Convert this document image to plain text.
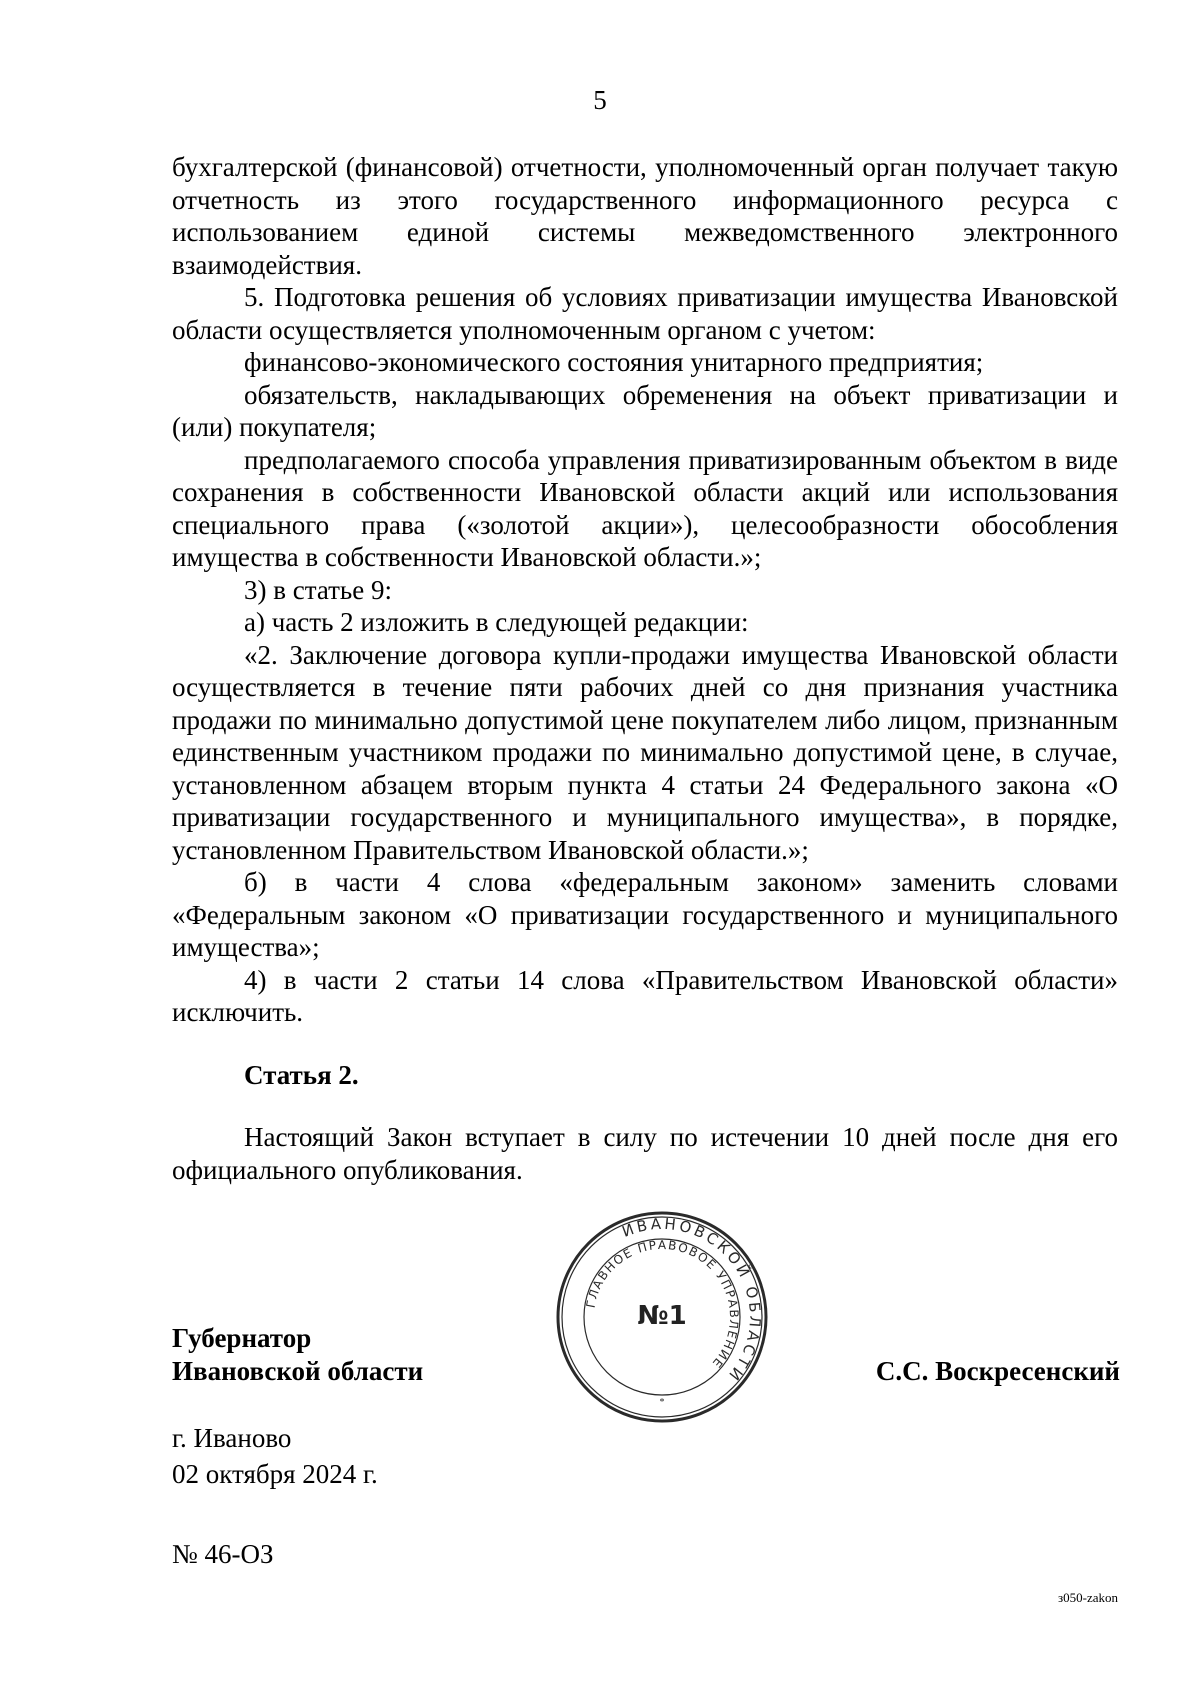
5

бухгалтерской (финансовой) отчетности, уполномоченный орган получает такую отчетность из этого государственного информационного ресурса с использованием единой системы межведомственного электронного взаимодействия.

5. Подготовка решения об условиях приватизации имущества Ивановской области осуществляется уполномоченным органом с учетом:

финансово-экономического состояния унитарного предприятия;

обязательств, накладывающих обременения на объект приватизации и (или) покупателя;

предполагаемого способа управления приватизированным объектом в виде сохранения в собственности Ивановской области акций или использования специального права («золотой акции»), целесообразности обособления имущества в собственности Ивановской области.»;

3) в статье 9:

а) часть 2 изложить в следующей редакции:

«2. Заключение договора купли-продажи имущества Ивановской области осуществляется в течение пяти рабочих дней со дня признания участника продажи по минимально допустимой цене покупателем либо лицом, признанным единственным участником продажи по минимально допустимой цене, в случае, установленном абзацем вторым пункта 4 статьи 24 Федерального закона «О приватизации государственного и муниципального имущества», в порядке, установленном Правительством Ивановской области.»;

б) в части 4 слова «федеральным законом» заменить словами «Федеральным законом «О приватизации государственного и муниципального имущества»;

4) в части 2 статьи 14 слова «Правительством Ивановской области» исключить.

Статья 2.

Настоящий Закон вступает в силу по истечении 10 дней после дня его официального опубликования.

Губернатор
Ивановской области
ИВАНОВСКОЙ ОБЛАСТИ
ГЛАВНОЕ ПРАВОВОЕ УПРАВЛЕНИЕ
*
№1
С.С. Воскресенский
г. Иваново
02 октября 2024 г.
№ 46-ОЗ
з050-zakon
